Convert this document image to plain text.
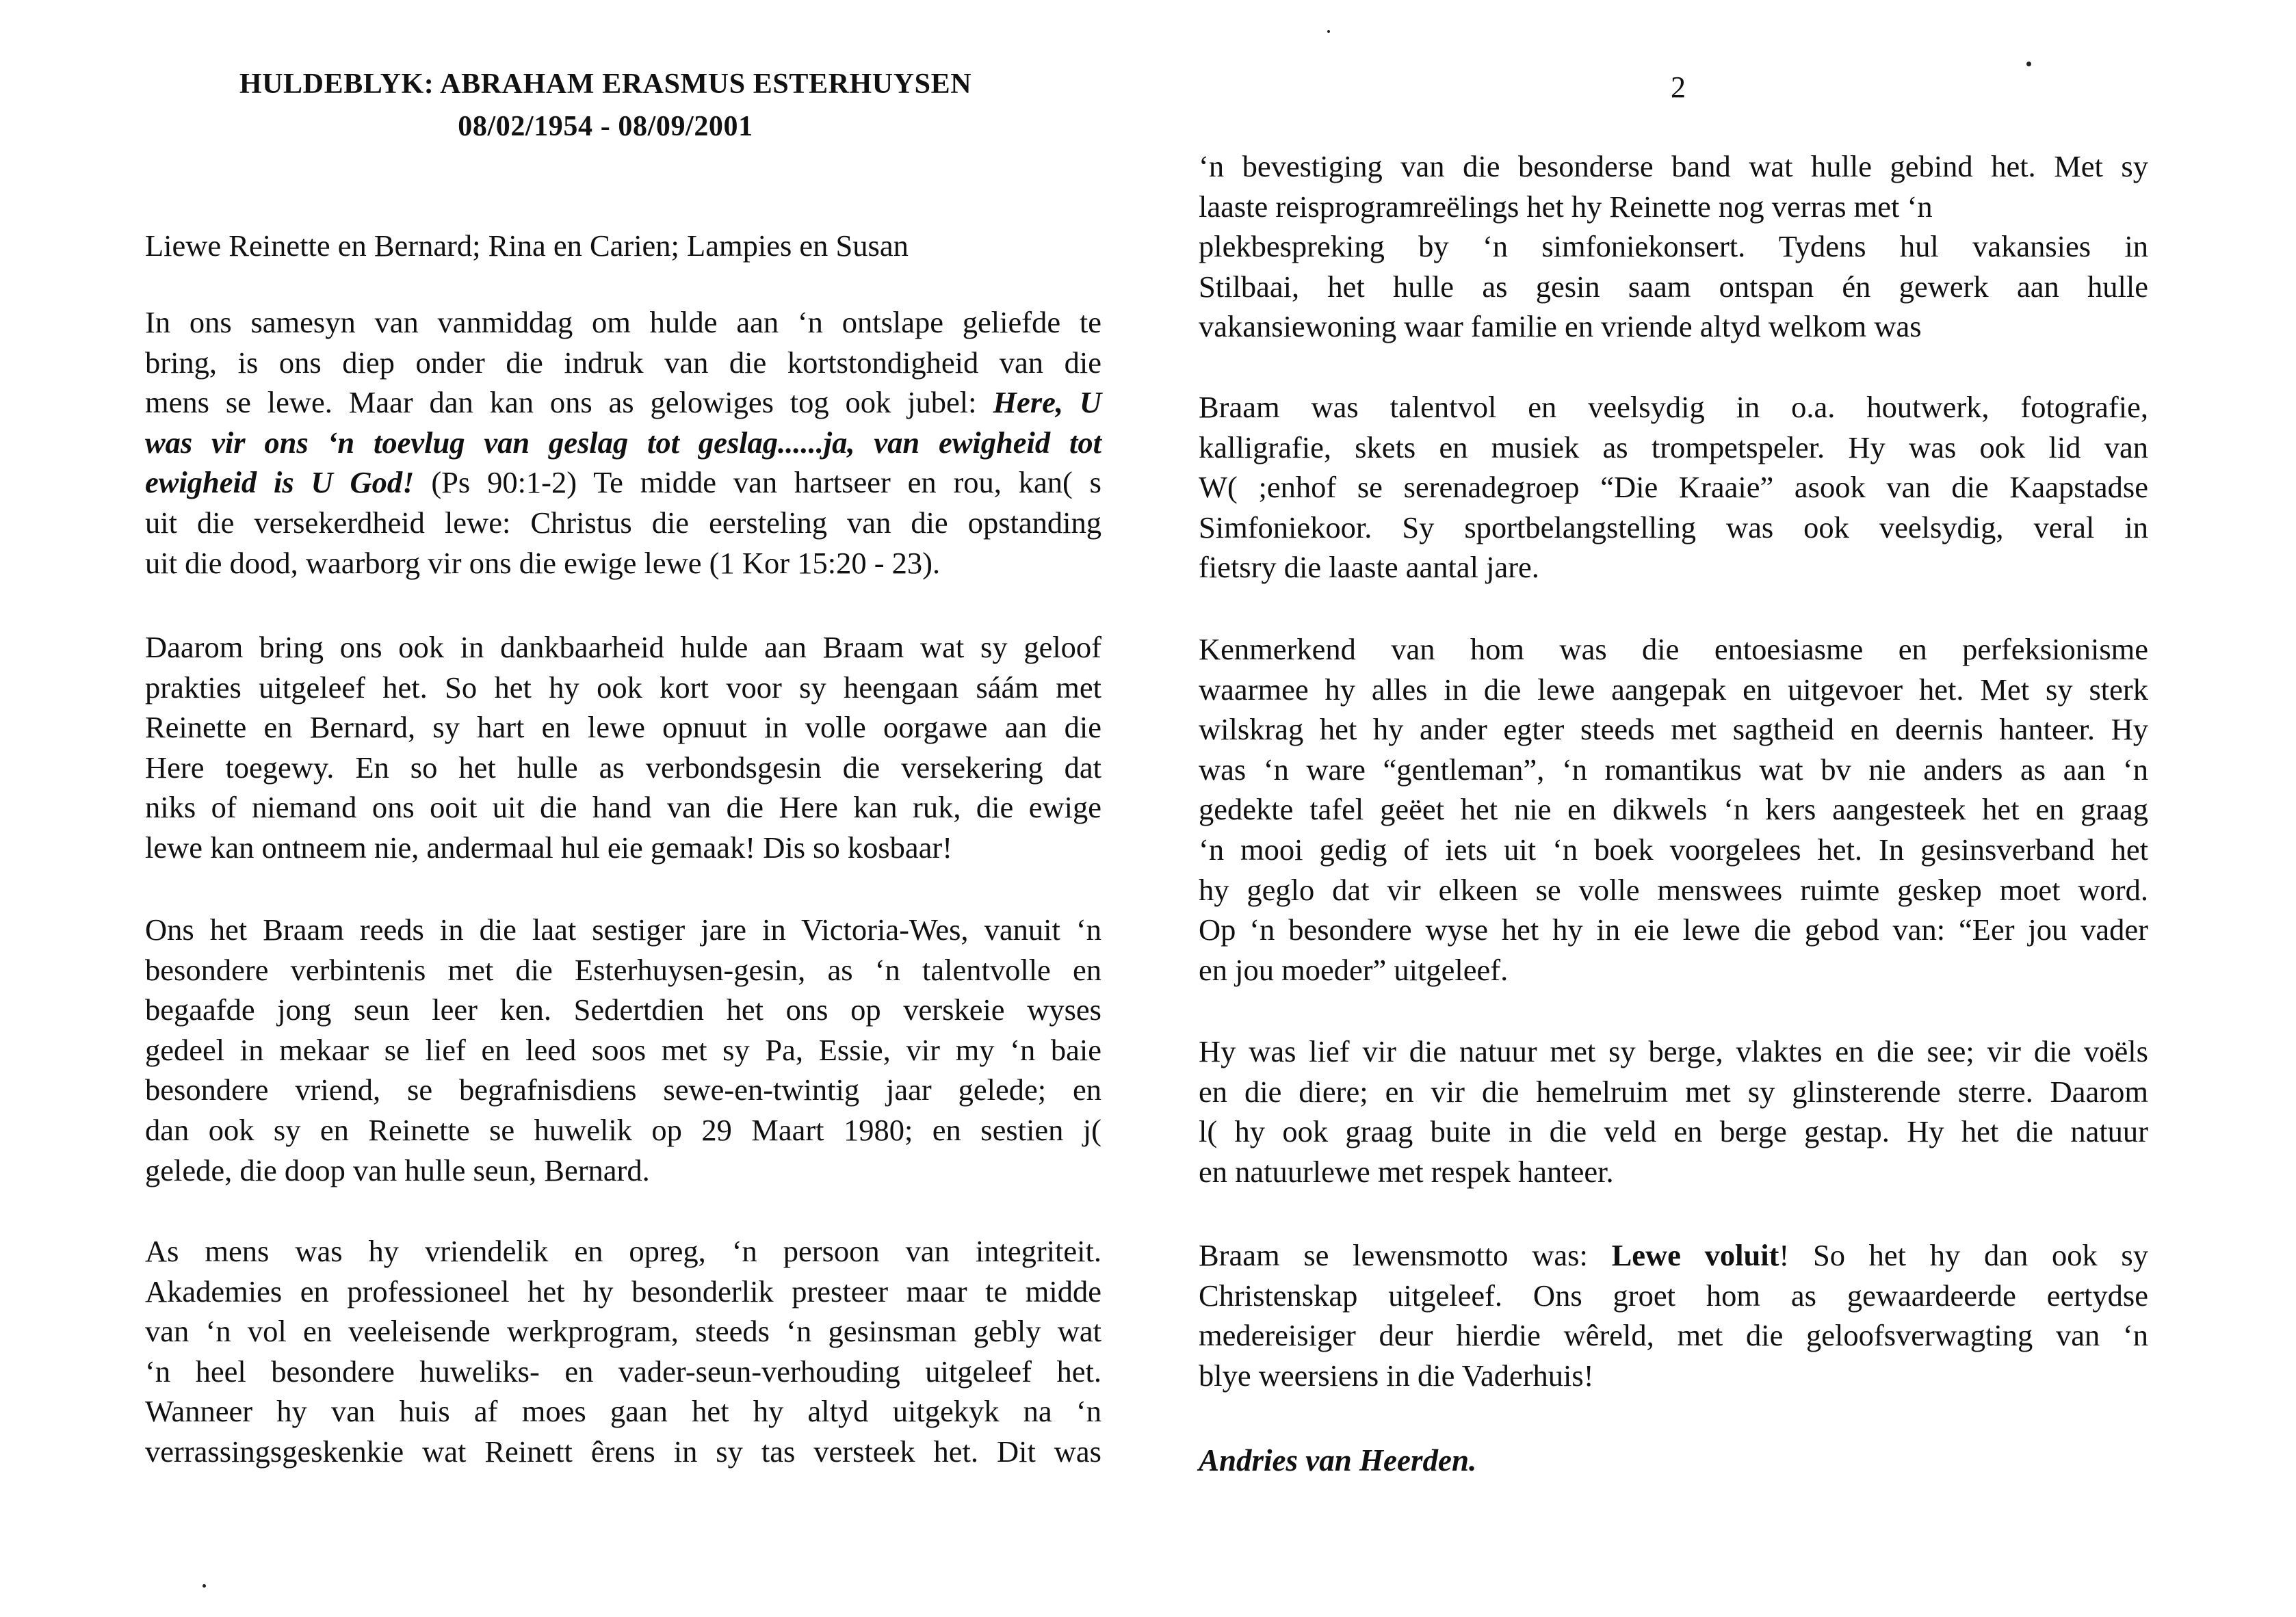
HULDEBLYK: ABRAHAM ERASMUS ESTERHUYSEN
08/02/1954 - 08/09/2001

Liewe Reinette en Bernard; Rina en Carien; Lampies en Susan

In ons samesyn van vanmiddag om hulde aan ‘n ontslape geliefde te
bring, is ons diep onder die indruk van die kortstondigheid van die
mens se lewe. Maar dan kan ons as gelowiges tog ook jubel: Here, U
was vir ons ‘n toevlug van geslag tot geslag......ja, van ewigheid tot
ewigheid is U God! (Ps 90:1-2) Te midde van hartseer en rou, kan( s
uit die versekerdheid lewe: Christus die eersteling van die opstanding
uit die dood, waarborg vir ons die ewige lewe (1 Kor 15:20 - 23).

Daarom bring ons ook in dankbaarheid hulde aan Braam wat sy geloof
prakties uitgeleef het. So het hy ook kort voor sy heengaan sáám met
Reinette en Bernard, sy hart en lewe opnuut in volle oorgawe aan die
Here toegewy. En so het hulle as verbondsgesin die versekering dat
niks of niemand ons ooit uit die hand van die Here kan ruk, die ewige
lewe kan ontneem nie, andermaal hul eie gemaak! Dis so kosbaar!

Ons het Braam reeds in die laat sestiger jare in Victoria-Wes, vanuit ‘n
besondere verbintenis met die Esterhuysen-gesin, as ‘n talentvolle en
begaafde jong seun leer ken. Sedertdien het ons op verskeie wyses
gedeel in mekaar se lief en leed soos met sy Pa, Essie, vir my ‘n baie
besondere vriend, se begrafnisdiens sewe-en-twintig jaar gelede; en
dan ook sy en Reinette se huwelik op 29 Maart 1980; en sestien j(
gelede, die doop van hulle seun, Bernard.

As mens was hy vriendelik en opreg, ‘n persoon van integriteit.
Akademies en professioneel het hy besonderlik presteer maar te midde
van ‘n vol en veeleisende werkprogram, steeds ‘n gesinsman gebly wat
‘n heel besondere huweliks- en vader-seun-verhouding uitgeleef het.
Wanneer hy van huis af moes gaan het hy altyd uitgekyk na ‘n
verrassingsgeskenkie wat Reinett êrens in sy tas versteek het. Dit was

2

‘n bevestiging van die besonderse band wat hulle gebind het. Met sy
laaste reisprogramreëlings het hy Reinette nog verras met ‘n
plekbespreking by ‘n simfoniekonsert. Tydens hul vakansies in
Stilbaai, het hulle as gesin saam ontspan én gewerk aan hulle
vakansiewoning waar familie en vriende altyd welkom was

Braam was talentvol en veelsydig in o.a. houtwerk, fotografie,
kalligrafie, skets en musiek as trompetspeler. Hy was ook lid van
W( ;enhof se serenadegroep “Die Kraaie” asook van die Kaapstadse
Simfoniekoor. Sy sportbelangstelling was ook veelsydig, veral in
fietsry die laaste aantal jare.

Kenmerkend van hom was die entoesiasme en perfeksionisme
waarmee hy alles in die lewe aangepak en uitgevoer het. Met sy sterk
wilskrag het hy ander egter steeds met sagtheid en deernis hanteer. Hy
was ‘n ware “gentleman”, ‘n romantikus wat bv nie anders as aan ‘n
gedekte tafel geëet het nie en dikwels ‘n kers aangesteek het en graag
‘n mooi gedig of iets uit ‘n boek voorgelees het. In gesinsverband het
hy geglo dat vir elkeen se volle menswees ruimte geskep moet word.
Op ‘n besondere wyse het hy in eie lewe die gebod van: “Eer jou vader
en jou moeder” uitgeleef.

Hy was lief vir die natuur met sy berge, vlaktes en die see; vir die voëls
en die diere; en vir die hemelruim met sy glinsterende sterre. Daarom
l( hy ook graag buite in die veld en berge gestap. Hy het die natuur
en natuurlewe met respek hanteer.

Braam se lewensmotto was: Lewe voluit! So het hy dan ook sy
Christenskap uitgeleef. Ons groet hom as gewaardeerde eertydse
medereisiger deur hierdie wêreld, met die geloofsverwagting van ‘n
blye weersiens in die Vaderhuis!

Andries van Heerden.
